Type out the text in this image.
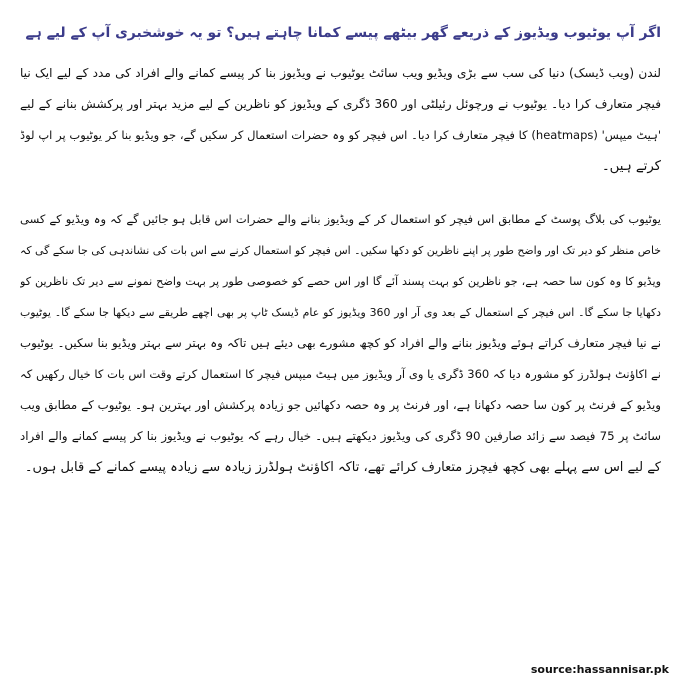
اگر آپ یوٹیوب ویڈیوز کے ذریعے گھر بیٹھے پیسے کمانا چاہتے ہیں؟ تو یہ خوشخبری آپ کے لیے ہے
لندن (ویب ڈیسک) دنیا کی سب سے بڑی ویڈیو ویب سائٹ یوٹیوب نے ویڈیوز بنا کر پیسے کمانے والے افراد کی مدد کے لیے ایک نیا
فیچر متعارف کرا دیا۔ یوٹیوب نے ورچوئل رئیلٹی اور 360 ڈگری کے ویڈیوز کو ناظرین کے لیے مزید بہتر اور پرکشش بنانے کے لیے
'ہیٹ میپس' (heatmaps) کا فیچر متعارف کرا دیا۔ اس فیچر کو وہ حضرات استعمال کر سکیں گے، جو ویڈیو بنا کر یوٹیوب پر اپ لوڈ
کرتے ہیں۔
یوٹیوب کی بلاگ پوسٹ کے مطابق اس فیچر کو استعمال کر کے ویڈیوز بنانے والے حضرات اس قابل ہو جائیں گے کہ وہ ویڈیو کے کسی
خاص منظر کو دیر تک اور واضح طور پر اپنے ناظرین کو دکھا سکیں۔ اس فیچر کو استعمال کرنے سے اس بات کی نشاندہی کی جا سکے گی کہ
ویڈیو کا وہ کون سا حصہ ہے، جو ناظرین کو بہت پسند آئے گا اور اس حصے کو خصوصی طور پر بہت واضح نمونے سے دیر تک ناظرین کو
دکھایا جا سکے گا۔ اس فیچر کے استعمال کے بعد وی آر اور 360 ویڈیوز کو عام ڈیسک ٹاپ پر بھی اچھے طریقے سے دیکھا جا سکے گا۔ یوٹیوب
نے نیا فیچر متعارف کراتے ہوئے ویڈیوز بنانے والے افراد کو کچھ مشورے بھی دیئے ہیں تاکہ وہ بہتر سے بہتر ویڈیو بنا سکیں۔ یوٹیوب
نے اکاؤنٹ ہولڈرز کو مشورہ دیا کہ 360 ڈگری یا وی آر ویڈیوز میں ہیٹ میپس فیچر کا استعمال کرتے وقت اس بات کا خیال رکھیں کہ
ویڈیو کے فرنٹ پر کون سا حصہ دکھانا ہے، اور فرنٹ پر وہ حصہ دکھائیں جو زیادہ پرکشش اور بہترین ہو۔ یوٹیوب کے مطابق ویب
سائٹ پر 75 فیصد سے زائد صارفین 90 ڈگری کی ویڈیوز دیکھتے ہیں۔ خیال رہے کہ یوٹیوب نے ویڈیوز بنا کر پیسے کمانے والے افراد
کے لیے اس سے پہلے بھی کچھ فیچرز متعارف کرائے تھے، تاکہ اکاؤنٹ ہولڈرز زیادہ سے زیادہ پیسے کمانے کے قابل ہوں۔
source:hassannisar.pk
